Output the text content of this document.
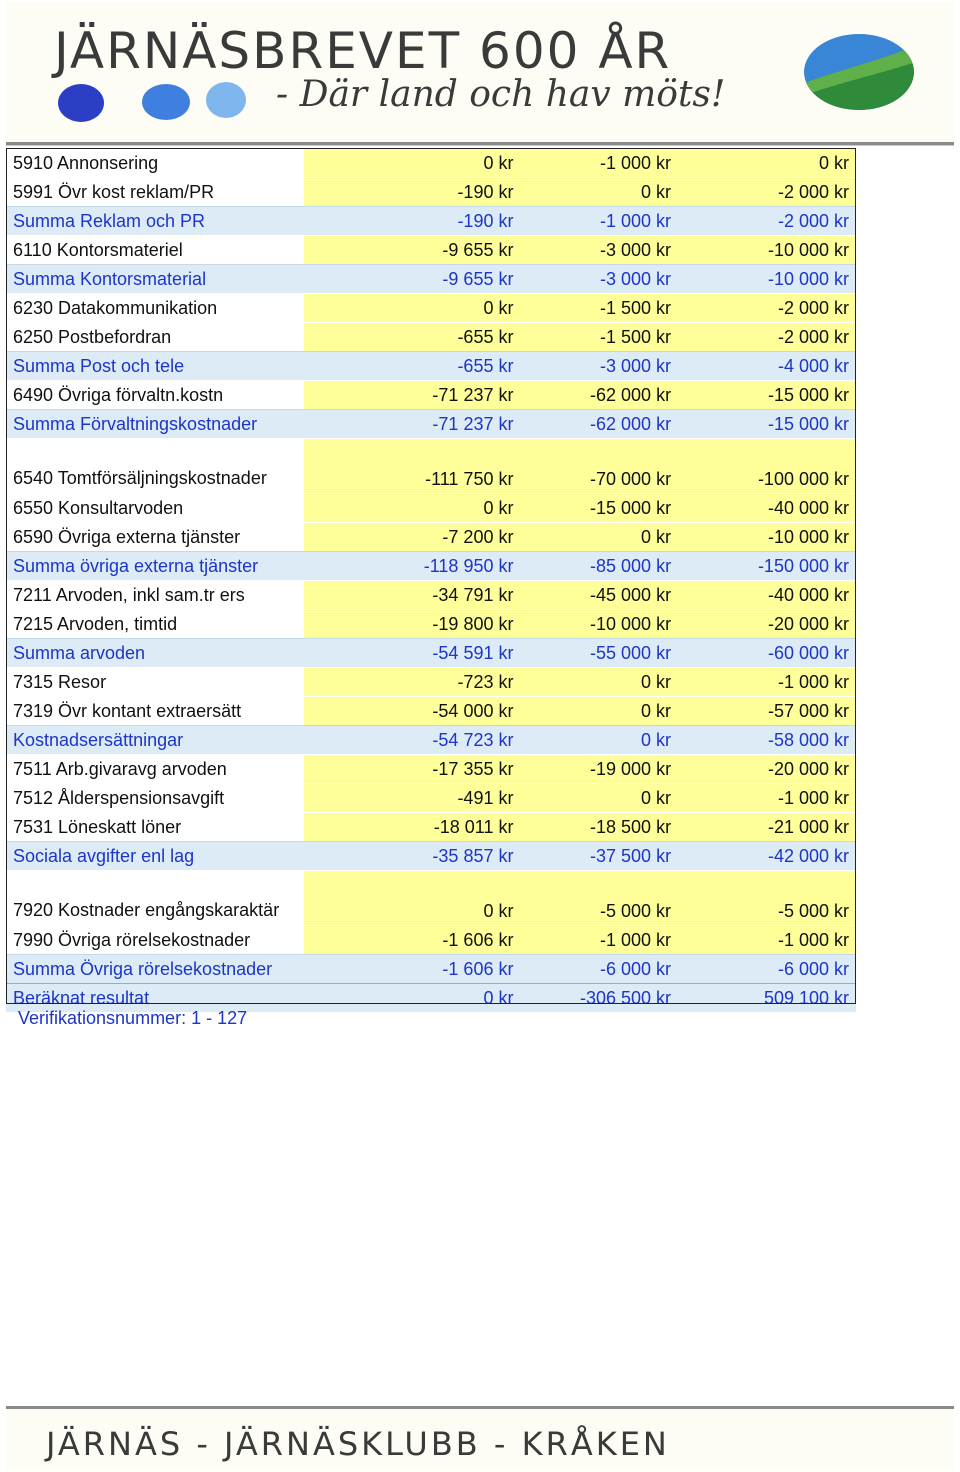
JÄRNÄSBREVET 600 ÅR
- Där land och hav möts!
5910 Annonsering	0 kr	-1 000 kr	0 kr
5991 Övr kost reklam/PR	-190 kr	0 kr	-2 000 kr
Summa Reklam och PR	-190 kr	-1 000 kr	-2 000 kr
6110 Kontorsmateriel	-9 655 kr	-3 000 kr	-10 000 kr
Summa Kontorsmaterial	-9 655 kr	-3 000 kr	-10 000 kr
6230 Datakommunikation	0 kr	-1 500 kr	-2 000 kr
6250 Postbefordran	-655 kr	-1 500 kr	-2 000 kr
Summa Post och tele	-655 kr	-3 000 kr	-4 000 kr
6490 Övriga förvaltn.kostn	-71 237 kr	-62 000 kr	-15 000 kr
Summa Förvaltningskostnader	-71 237 kr	-62 000 kr	-15 000 kr
6540 Tomtförsäljningskostnader	-111 750 kr	-70 000 kr	-100 000 kr
6550 Konsultarvoden	0 kr	-15 000 kr	-40 000 kr
6590 Övriga externa tjänster	-7 200 kr	0 kr	-10 000 kr
Summa övriga externa tjänster	-118 950 kr	-85 000 kr	-150 000 kr
7211 Arvoden, inkl sam.tr ers	-34 791 kr	-45 000 kr	-40 000 kr
7215 Arvoden, timtid	-19 800 kr	-10 000 kr	-20 000 kr
Summa arvoden	-54 591 kr	-55 000 kr	-60 000 kr
7315 Resor	-723 kr	0 kr	-1 000 kr
7319 Övr kontant extraersätt	-54 000 kr	0 kr	-57 000 kr
Kostnadsersättningar	-54 723 kr	0 kr	-58 000 kr
7511 Arb.givaravg arvoden	-17 355 kr	-19 000 kr	-20 000 kr
7512 Ålderspensionsavgift	-491 kr	0 kr	-1 000 kr
7531 Löneskatt löner	-18 011 kr	-18 500 kr	-21 000 kr
Sociala avgifter enl lag	-35 857 kr	-37 500 kr	-42 000 kr
7920 Kostnader engångskaraktär	0 kr	-5 000 kr	-5 000 kr
7990 Övriga rörelsekostnader	-1 606 kr	-1 000 kr	-1 000 kr
Summa Övriga rörelsekostnader	-1 606 kr	-6 000 kr	-6 000 kr
Beräknat resultat	0 kr	-306 500 kr	509 100 kr
Verifikationsnummer: 1 - 127
JÄRNÄS - JÄRNÄSKLUBB - KRÅKEN
